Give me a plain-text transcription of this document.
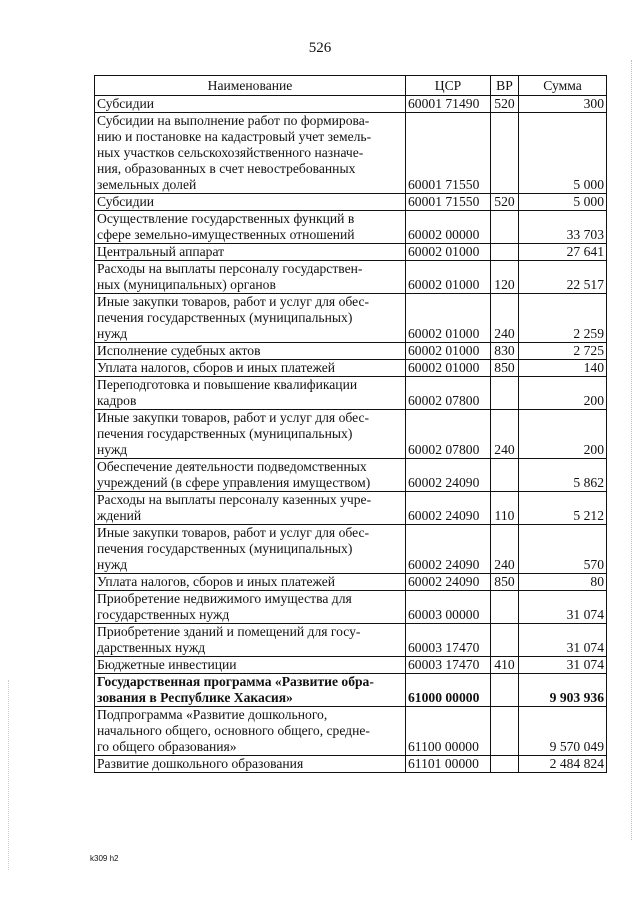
526
Наименование	ЦСР	ВР	Сумма

Субсидии	60001 71490	520	300

Субсидии на выполнение работ по формирова-
нию и постановке на кадастровый учет земель-
ных участков сельскохозяйственного назначе-
ния, образованных в счет невостребованных
земельных долей	60001 71550		5 000

Субсидии	60001 71550	520	5 000

Осуществление государственных функций в
сфере земельно-имущественных отношений	60002 00000		33 703

Центральный аппарат	60002 01000		27 641

Расходы на выплаты персоналу государствен-
ных (муниципальных) органов	60002 01000	120	22 517

Иные закупки товаров, работ и услуг для обес-
печения государственных (муниципальных)
нужд	60002 01000	240	2 259

Исполнение судебных актов	60002 01000	830	2 725

Уплата налогов, сборов и иных платежей	60002 01000	850	140

Переподготовка и повышение квалификации
кадров	60002 07800		200

Иные закупки товаров, работ и услуг для обес-
печения государственных (муниципальных)
нужд	60002 07800	240	200

Обеспечение деятельности подведомственных
учреждений (в сфере управления имуществом)	60002 24090		5 862

Расходы на выплаты персоналу казенных учре-
ждений	60002 24090	110	5 212

Иные закупки товаров, работ и услуг для обес-
печения государственных (муниципальных)
нужд	60002 24090	240	570

Уплата налогов, сборов и иных платежей	60002 24090	850	80

Приобретение недвижимого имущества для
государственных нужд	60003 00000		31 074

Приобретение зданий и помещений для госу-
дарственных нужд	60003 17470		31 074

Бюджетные инвестиции	60003 17470	410	31 074

Государственная программа «Развитие обра-
зования в Республике Хакасия»	61000 00000		9 903 936

Подпрограмма «Развитие дошкольного,
начального общего, основного общего, средне-
го общего образования»	61100 00000		9 570 049

Развитие дошкольного образования	61101 00000		2 484 824
k309 h2
